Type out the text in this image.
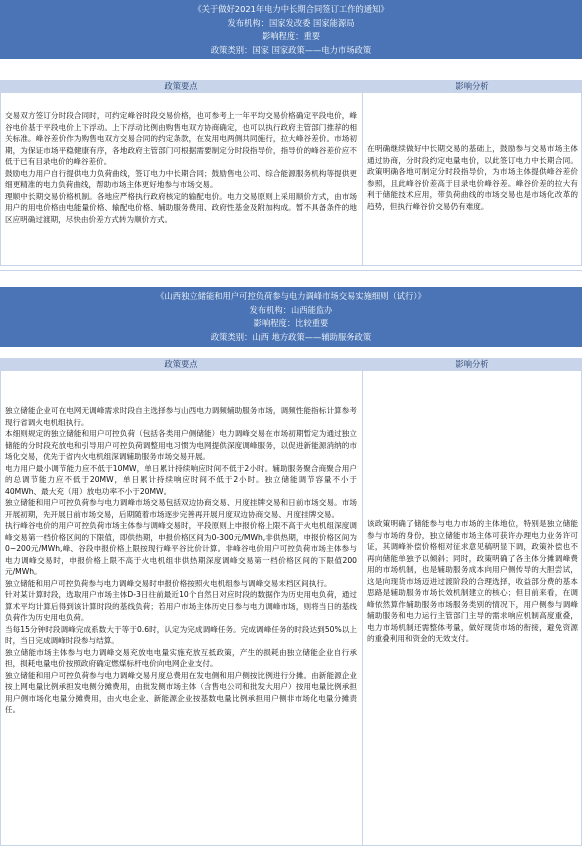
《关于做好2021年电力中长期合同签订工作的通知》
发布机构：国家发改委 国家能源局
影响程度：重要
政策类别：国家 国家政策——电力市场政策
政策要点	影响分析

交易双方签订分时段合同时，可约定峰谷时段交易价格，也可参考上一年平均交易价格确定平段电价，峰谷电价基于平段电价上下浮动。上下浮动比例由购售电双方协商确定，也可以执行政府主管部门推荐的相关标准。峰谷差价作为购售电双方交易合同的约定条款，在发用电两侧共同施行，拉大峰谷差价。市场初期，为保证市场平稳健康有序，各地政府主管部门可根据需要制定分时段指导价，指导价的峰谷差价应不低于已有目录电价的峰谷差价。

鼓励电力用户自行提供电力负荷曲线，签订电力中长期合同；鼓励售电公司、综合能源服务机构等提供更细更精准的电力负荷曲线，帮助市场主体更好地参与市场交易。

理顺中长期交易价格机制。各地应严格执行政府核定的输配电价。电力交易原则上采用顺价方式，由市场用户的用电价格由电能量价格、输配电价格、辅助服务费用、政府性基金及附加构成。暂不具备条件的地区应明确过渡期，尽快由价差方式转为顺价方式。

在明确继续做好中长期交易的基础上，鼓励参与交易市场主体通过协商，分时段约定电量电价，以此签订电力中长期合同。政策明确各地可制定分时段指导价，为市场主体提供峰谷差价参照，且此峰谷价差高于目录电价峰谷差。峰谷价差的拉大有利于储能技术应用，带负荷曲线的市场交易也是市场化改革的趋势，但执行峰谷价交易仍有难度。
《山西独立储能和用户可控负荷参与电力调峰市场交易实施细则（试行）》
发布机构：山西能监办
影响程度：比较重要
政策类别：山西 地方政策——辅助服务政策
政策要点	影响分析

独立储能企业可在电网无调峰需求时段自主选择参与山西电力调频辅助服务市场，调频性能指标计算参考现行省调火电机组执行。

本细则规定的独立储能和用户可控负荷（包括各类用户侧储能）电力调峰交易在市场初期暂定为通过独立储能的分时段充放电和引导用户可控负荷调整用电习惯为电网提供深度调峰服务，以促进新能源消纳的市场化交易，优先于省内火电机组深调辅助服务市场交易开展。

电力用户最小调节能力应不低于10MW，单日累计持续响应时间不低于2小时。辅助服务聚合商聚合用户的总调节能力应不低于20MW，单日累计持续响应时间不低于2小时。独立储能调节容量不小于40MWh、最大充（用）放电功率不小于20MW。

独立储能和用户可控负荷参与电力调峰市场交易包括双边协商交易、月度挂牌交易和日前市场交易。市场开展初期，先开展日前市场交易，后期随着市场逐步完善再开展月度双边协商交易、月度挂牌交易。

执行峰谷电价的用户可控负荷市场主体参与调峰交易时，平段原则上申报价格上限不高于火电机组深度调峰交易第一档价格区间的下限值，即供热期，申报价格区间为0-300元/MWh,非供热期，申报价格区间为0~200元/MWh,峰、谷段申报价格上限按现行峰平谷比价计算。非峰谷电价用户可控负荷市场主体参与电力调峰交易时，申报价格上限不高于火电机组非供热期深度调峰交易第一档价格区间的下限值200元/MWh。

独立储能和用户可控负荷参与电力调峰交易时申报价格按照火电机组参与调峰交易末档区间执行。

针对某计算时段，选取用户市场主体D-3日往前最近10个自然日对应时段的数据作为历史用电负荷，通过算术平均计算后得到该计算时段的基线负荷；若用户市场主体历史日参与电力调峰市场，则将当日的基线负荷作为历史用电负荷。

当每15分钟时段调峰完成系数大于等于0.6时，认定为完成调峰任务。完成调峰任务的时段达到50%以上时，当日完成调峰时段参与结算。

独立储能市场主体参与电力调峰交易充放电电量实施充放互抵政策，产生的损耗由独立储能企业自行承担，损耗电量电价按照政府确定燃煤标杆电价向电网企业支付。

独立储能和用户可控负荷参与电力调峰交易月度总费用在发电侧和用户侧按比例进行分摊。由新能源企业按上网电量比例承担发电侧分摊费用，由批发侧市场主体（含售电公司和批发大用户）按用电量比例承担用户侧市场化电量分摊费用，由火电企业、新能源企业按基数电量比例承担用户侧非市场化电量分摊责任。

该政策明确了储能参与电力市场的主体地位，特别是独立储能参与市场的身份，独立储能市场主体可获许办理电力业务许可证，其调峰补偿价格相对征求意见稿明显下调，政策补偿也不再向储能单独予以倾斜；同时，政策明确了各主体分摊调峰费用的市场机制，也是辅助服务成本向用户侧传导的大胆尝试，这是向现货市场迈进过渡阶段的合理选择，收益部分费的基本思路是辅助服务市场长效机制建立的核心；但目前来看，在调峰依然算作辅助服务市场服务类别的情况下，用户侧参与调峰辅助服务和电力运行主管部门主导的需求响应机制高度重叠，电力市场机制还需整体考量，做好现货市场的衔接，避免资源的重叠利用和资金的无效支付。
